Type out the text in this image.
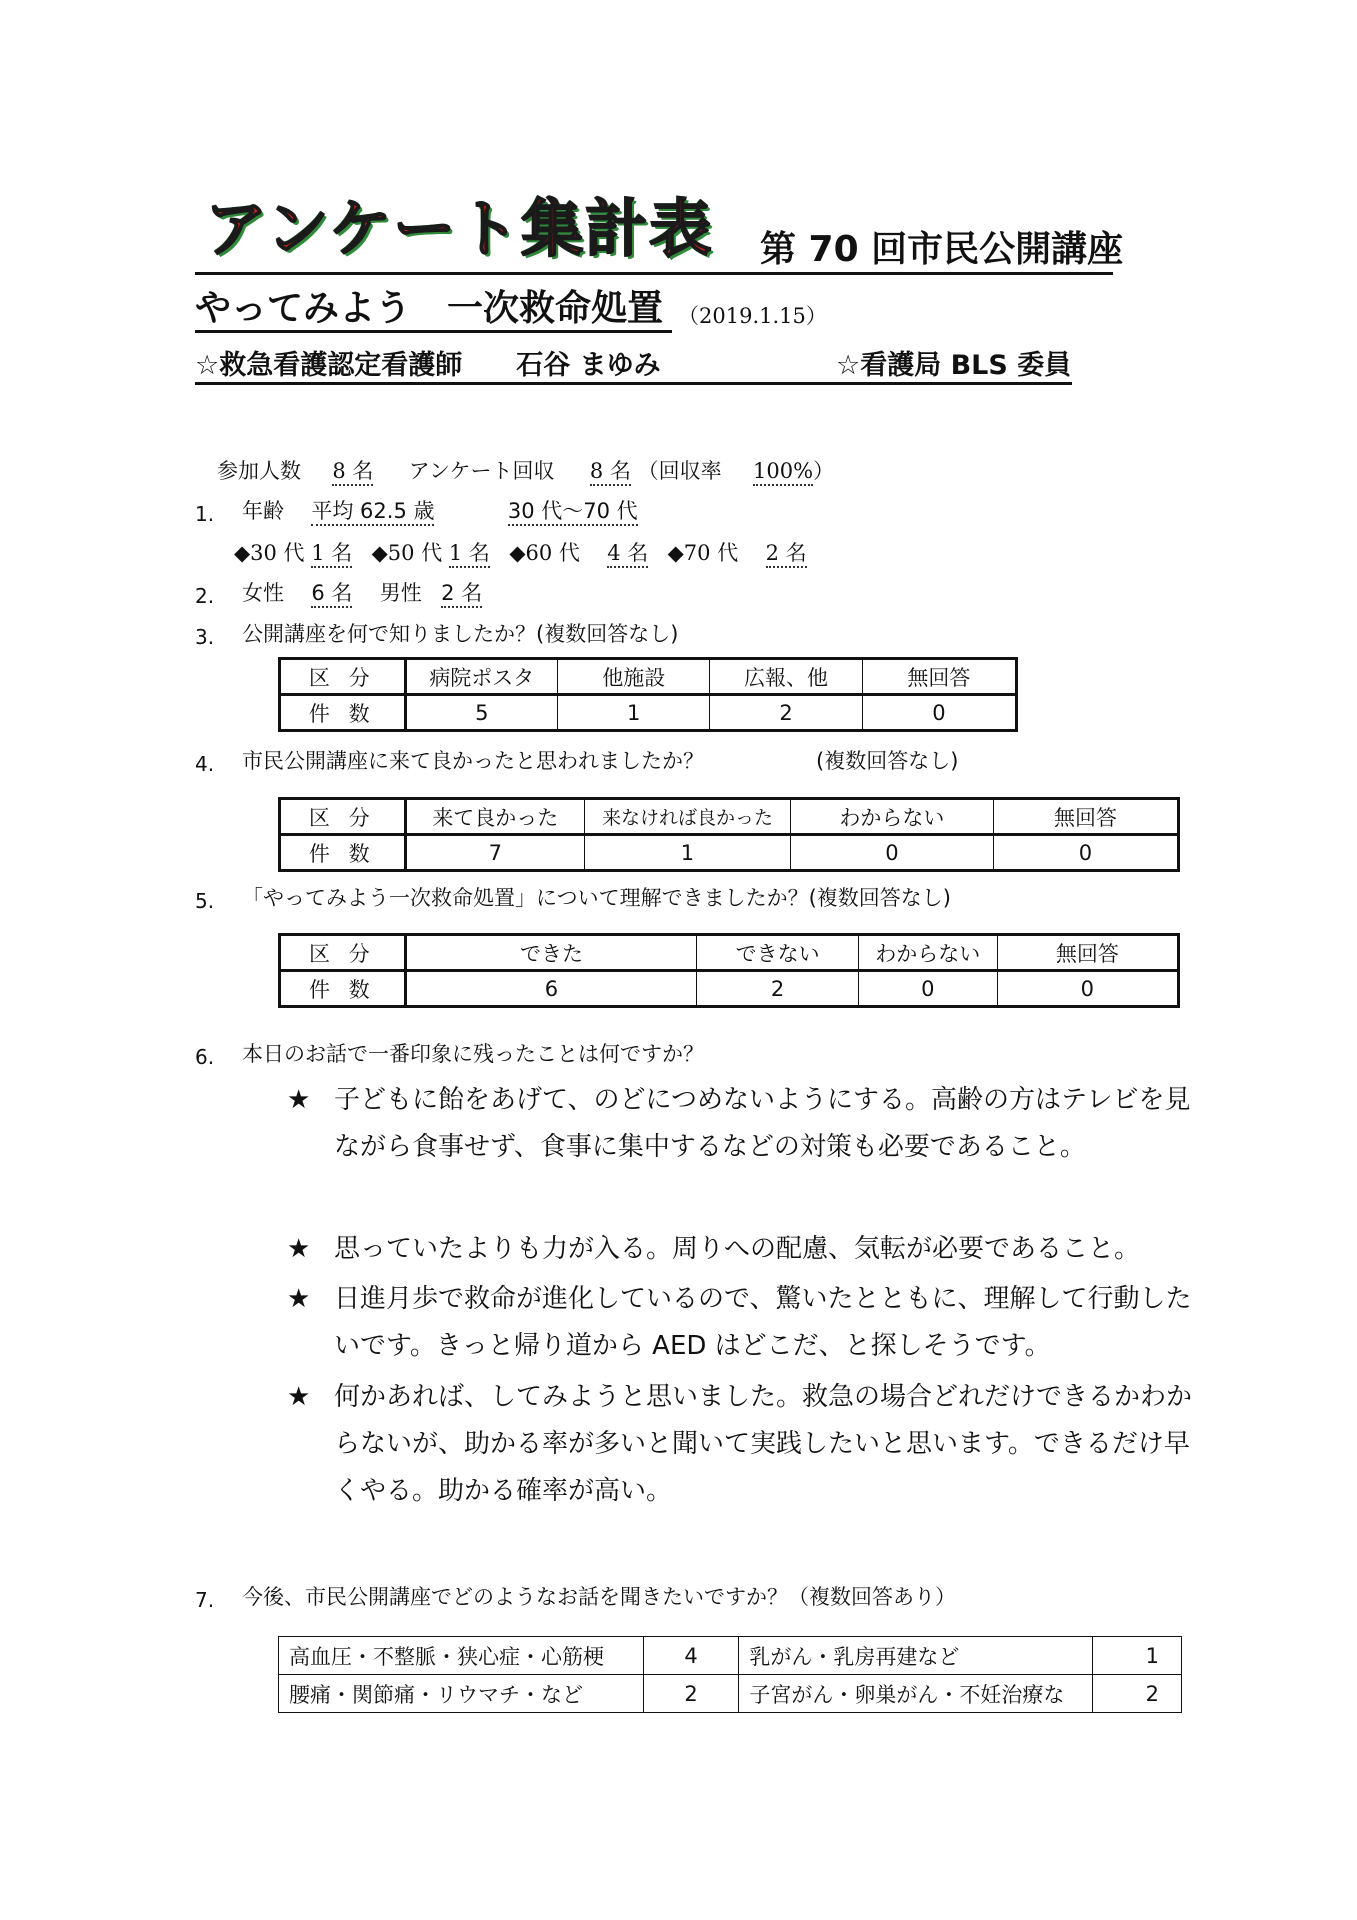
アンケート集計表 第 70 回市民公開講座
やってみよう　一次救命処置 （2019.1.15）
☆救急看護認定看護師　　石谷 まゆみ	☆看護局 BLS 委員
参加人数 8 名 アンケート回収 8 名 （回収率 100%）
1. 年齢 平均 62.5 歳	30 代～70 代
◆30 代 1 名 ◆50 代 1 名 ◆60 代 4 名 ◆70 代 2 名
2. 女性 6 名 男性 2 名
3. 公開講座を何で知りましたか？(複数回答なし)
区 分	病院ポスタ	他施設	広報、他	無回答
件 数	5	1	2	0
4. 市民公開講座に来て良かったと思われましたか？	(複数回答なし)
区 分	来て良かった	来なければ良かった	わからない	無回答
件 数	7	1	0	0
5. 「やってみよう一次救命処置」について理解できましたか？(複数回答なし)
区 分	できた	できない	わからない	無回答
件 数	6	2	0	0
6. 本日のお話で一番印象に残ったことは何ですか？
★ 子どもに飴をあげて、のどにつめないようにする。高齢の方はテレビを見ながら食事せず、食事に集中するなどの対策も必要であること。
★ 思っていたよりも力が入る。周りへの配慮、気転が必要であること。
★ 日進月歩で救命が進化しているので、驚いたとともに、理解して行動したいです。きっと帰り道から AED はどこだ、と探しそうです。
★ 何かあれば、してみようと思いました。救急の場合どれだけできるかわからないが、助かる率が多いと聞いて実践したいと思います。できるだけ早くやる。助かる確率が高い。
7. 今後、市民公開講座でどのようなお話を聞きたいですか？（複数回答あり）
高血圧・不整脈・狭心症・心筋梗	4	乳がん・乳房再建など	1
腰痛・関節痛・リウマチ・など	2	子宮がん・卵巣がん・不妊治療な	2
